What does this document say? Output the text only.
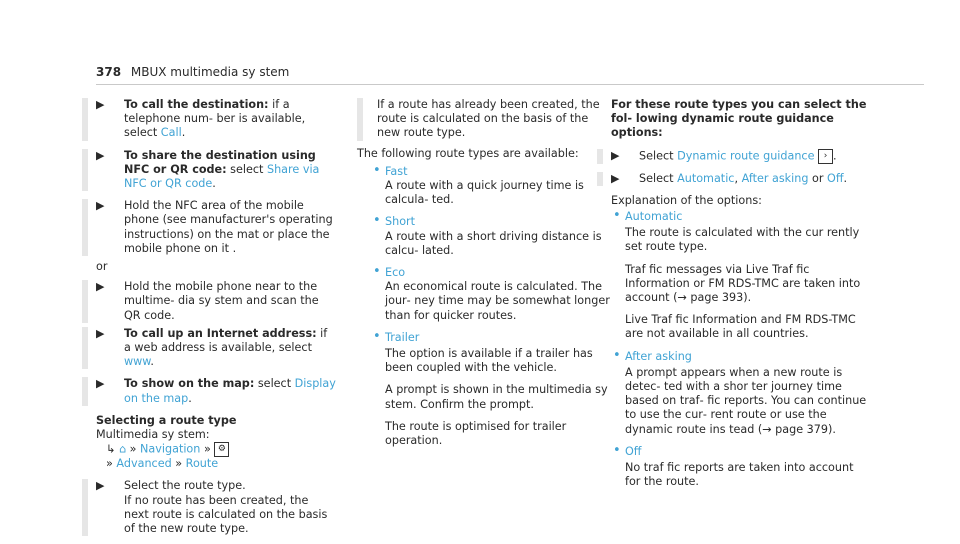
378 MBUX multimedia sy stem
▶ To call the destination: if a telephone num‐ ber is available, select Call.
▶ To share the destination using NFC or QR code: select Share via NFC or QR code.
▶ Hold the NFC area of the mobile phone (see manufacturer's operating instructions) on the mat or place the mobile phone on it .
or
▶ Hold the mobile phone near to the multime‐ dia sy stem and scan the QR code.
▶ To call up an Internet address: if a web address is available, select www.
▶ To show on the map: select Display on the map.
Selecting a route type
Multimedia sy stem:
↳ ⌂ » Navigation » ⚙
» Advanced » Route
▶ Select the route type.
If no route has been created, the next route is calculated on the basis of the new route type.
If a route has already been created, the route is calculated on the basis of the new route type.
The following route types are available:
• Fast
A route with a quick journey time is calcula‐ ted.
• Short
A route with a short driving distance is calcu‐ lated.
• Eco
An economical route is calculated. The jour‐ ney time may be somewhat longer than for quicker routes.
• Trailer
The option is available if a trailer has been coupled with the vehicle.
A prompt is shown in the multimedia sy stem. Confirm the prompt.
The route is optimised for trailer operation.
For these route types you can select the fol‐ lowing dynamic route guidance options:
▶ Select Dynamic route guidance › .
▶ Select Automatic, After asking or Off.
Explanation of the options:
• Automatic
The route is calculated with the cur rently set route type.
Traf fic messages via Live Traf fic Information or FM RDS-TMC are taken into account (→ page 393).
Live Traf fic Information and FM RDS-TMC are not available in all countries.
• After asking
A prompt appears when a new route is detec‐ ted with a shor ter journey time based on traf‐ fic reports. You can continue to use the cur‐ rent route or use the dynamic route ins tead (→ page 379).
• Off
No traf fic reports are taken into account for the route.
